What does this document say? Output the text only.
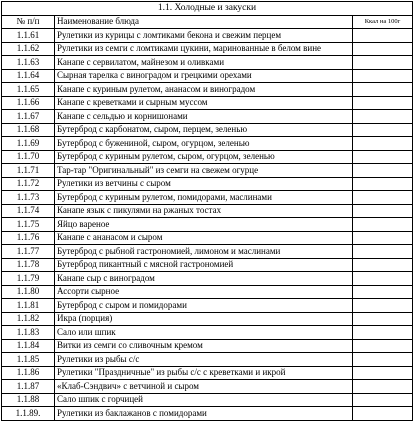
1.1. Холодные и закуски		
№ п/п	Наименование блюда	Ккал на 100г
1.1.61	Рулетики из курицы с ломтиками бекона и свежим перцем	
1.1.62	Рулетики из семги с ломтиками цукини, маринованные в белом вине	
1.1.63	Канапе с сервилатом, майнезом и оливками	
1.1.64	Сырная тарелка с виноградом и грецкими орехами	
1.1.65	Канапе с куриным рулетом, ананасом и виноградом	
1.1.66	Канапе с креветками и сырным муссом	
1.1.67	Канапе с сельдью и корнишонами	
1.1.68	Бутерброд с карбонатом, сыром, перцем, зеленью	
1.1.69	Бутерброд с бужениной, сыром, огурцом, зеленью	
1.1.70	Бутерброд с куриным рулетом, сыром, огурцом, зеленью	
1.1.71	Тар-тар "Оригинальный" из семги на свежем огурце	
1.1.72	Рулетики из ветчины с сыром	
1.1.73	Бутерброд с куриным рулетом, помидорами, маслинами	
1.1.74	Канапе язык с пикулями на ржаных тостах	
1.1.75	Яйцо вареное	
1.1.76	Канапе с ананасом и сыром	
1.1.77	Бутерброд с рыбной гастрономией, лимоном и маслинами	
1.1.78	Бутерброд пикантный с мясной гастрономией	
1.1.79	Канапе сыр с виноградом	
1.1.80	Ассорти сырное	
1.1.81	Бутерброд с сыром и помидорами	
1.1.82	Икра (порция)	
1.1.83	Сало или шпик	
1.1.84	Витки из семги со сливочным кремом	
1.1.85	Рулетики из рыбы с/с	
1.1.86	Рулетики "Праздничные" из рыбы с/с с креветками и икрой	
1.1.87	«Клаб-Сэндвич» с ветчиной и сыром	
1.1.88	Сало шпик с горчицей	
1.1.89.	Рулетики из баклажанов с помидорами	
